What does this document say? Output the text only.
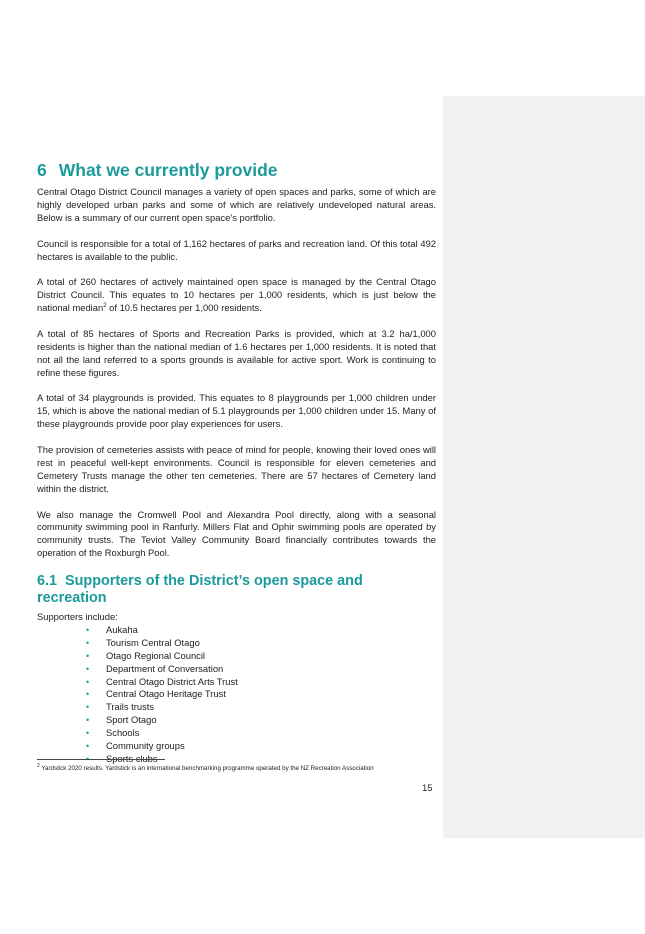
6 What we currently provide

Central Otago District Council manages a variety of open spaces and parks, some of which are highly developed urban parks and some of which are relatively undeveloped natural areas. Below is a summary of our current open space’s portfolio.

Council is responsible for a total of 1,162 hectares of parks and recreation land. Of this total 492 hectares is available to the public.

A total of 260 hectares of actively maintained open space is managed by the Central Otago District Council. This equates to 10 hectares per 1,000 residents, which is just below the national median$^2$ of 10.5 hectares per 1,000 residents.

A total of 85 hectares of Sports and Recreation Parks is provided, which at 3.2 ha/1,000 residents is higher than the national median of 1.6 hectares per 1,000 residents. It is noted that not all the land referred to a sports grounds is available for active sport. Work is continuing to refine these figures.

A total of 34 playgrounds is provided. This equates to 8 playgrounds per 1,000 children under 15, which is above the national median of 5.1 playgrounds per 1,000 children under 15. Many of these playgrounds provide poor play experiences for users.

The provision of cemeteries assists with peace of mind for people, knowing their loved ones will rest in peaceful well-kept environments. Council is responsible for eleven cemeteries and Cemetery Trusts manage the other ten cemeteries. There are 57 hectares of Cemetery land within the district.

We also manage the Cromwell Pool and Alexandra Pool directly, along with a seasonal community swimming pool in Ranfurly. Millers Flat and Ophir swimming pools are operated by community trusts. The Teviot Valley Community Board financially contributes towards the operation of the Roxburgh Pool.

6.1 Supporters of the District’s open space and recreation

Supporters include:

• Aukaha
• Tourism Central Otago
• Otago Regional Council
• Department of Conversation
• Central Otago District Arts Trust
• Central Otago Heritage Trust
• Trails trusts
• Sport Otago
• Schools
• Community groups
• Sports clubs
$^2$ Yardstick 2020 results. Yardstick is an international benchmarking programme operated by the NZ Recreation Association
15
